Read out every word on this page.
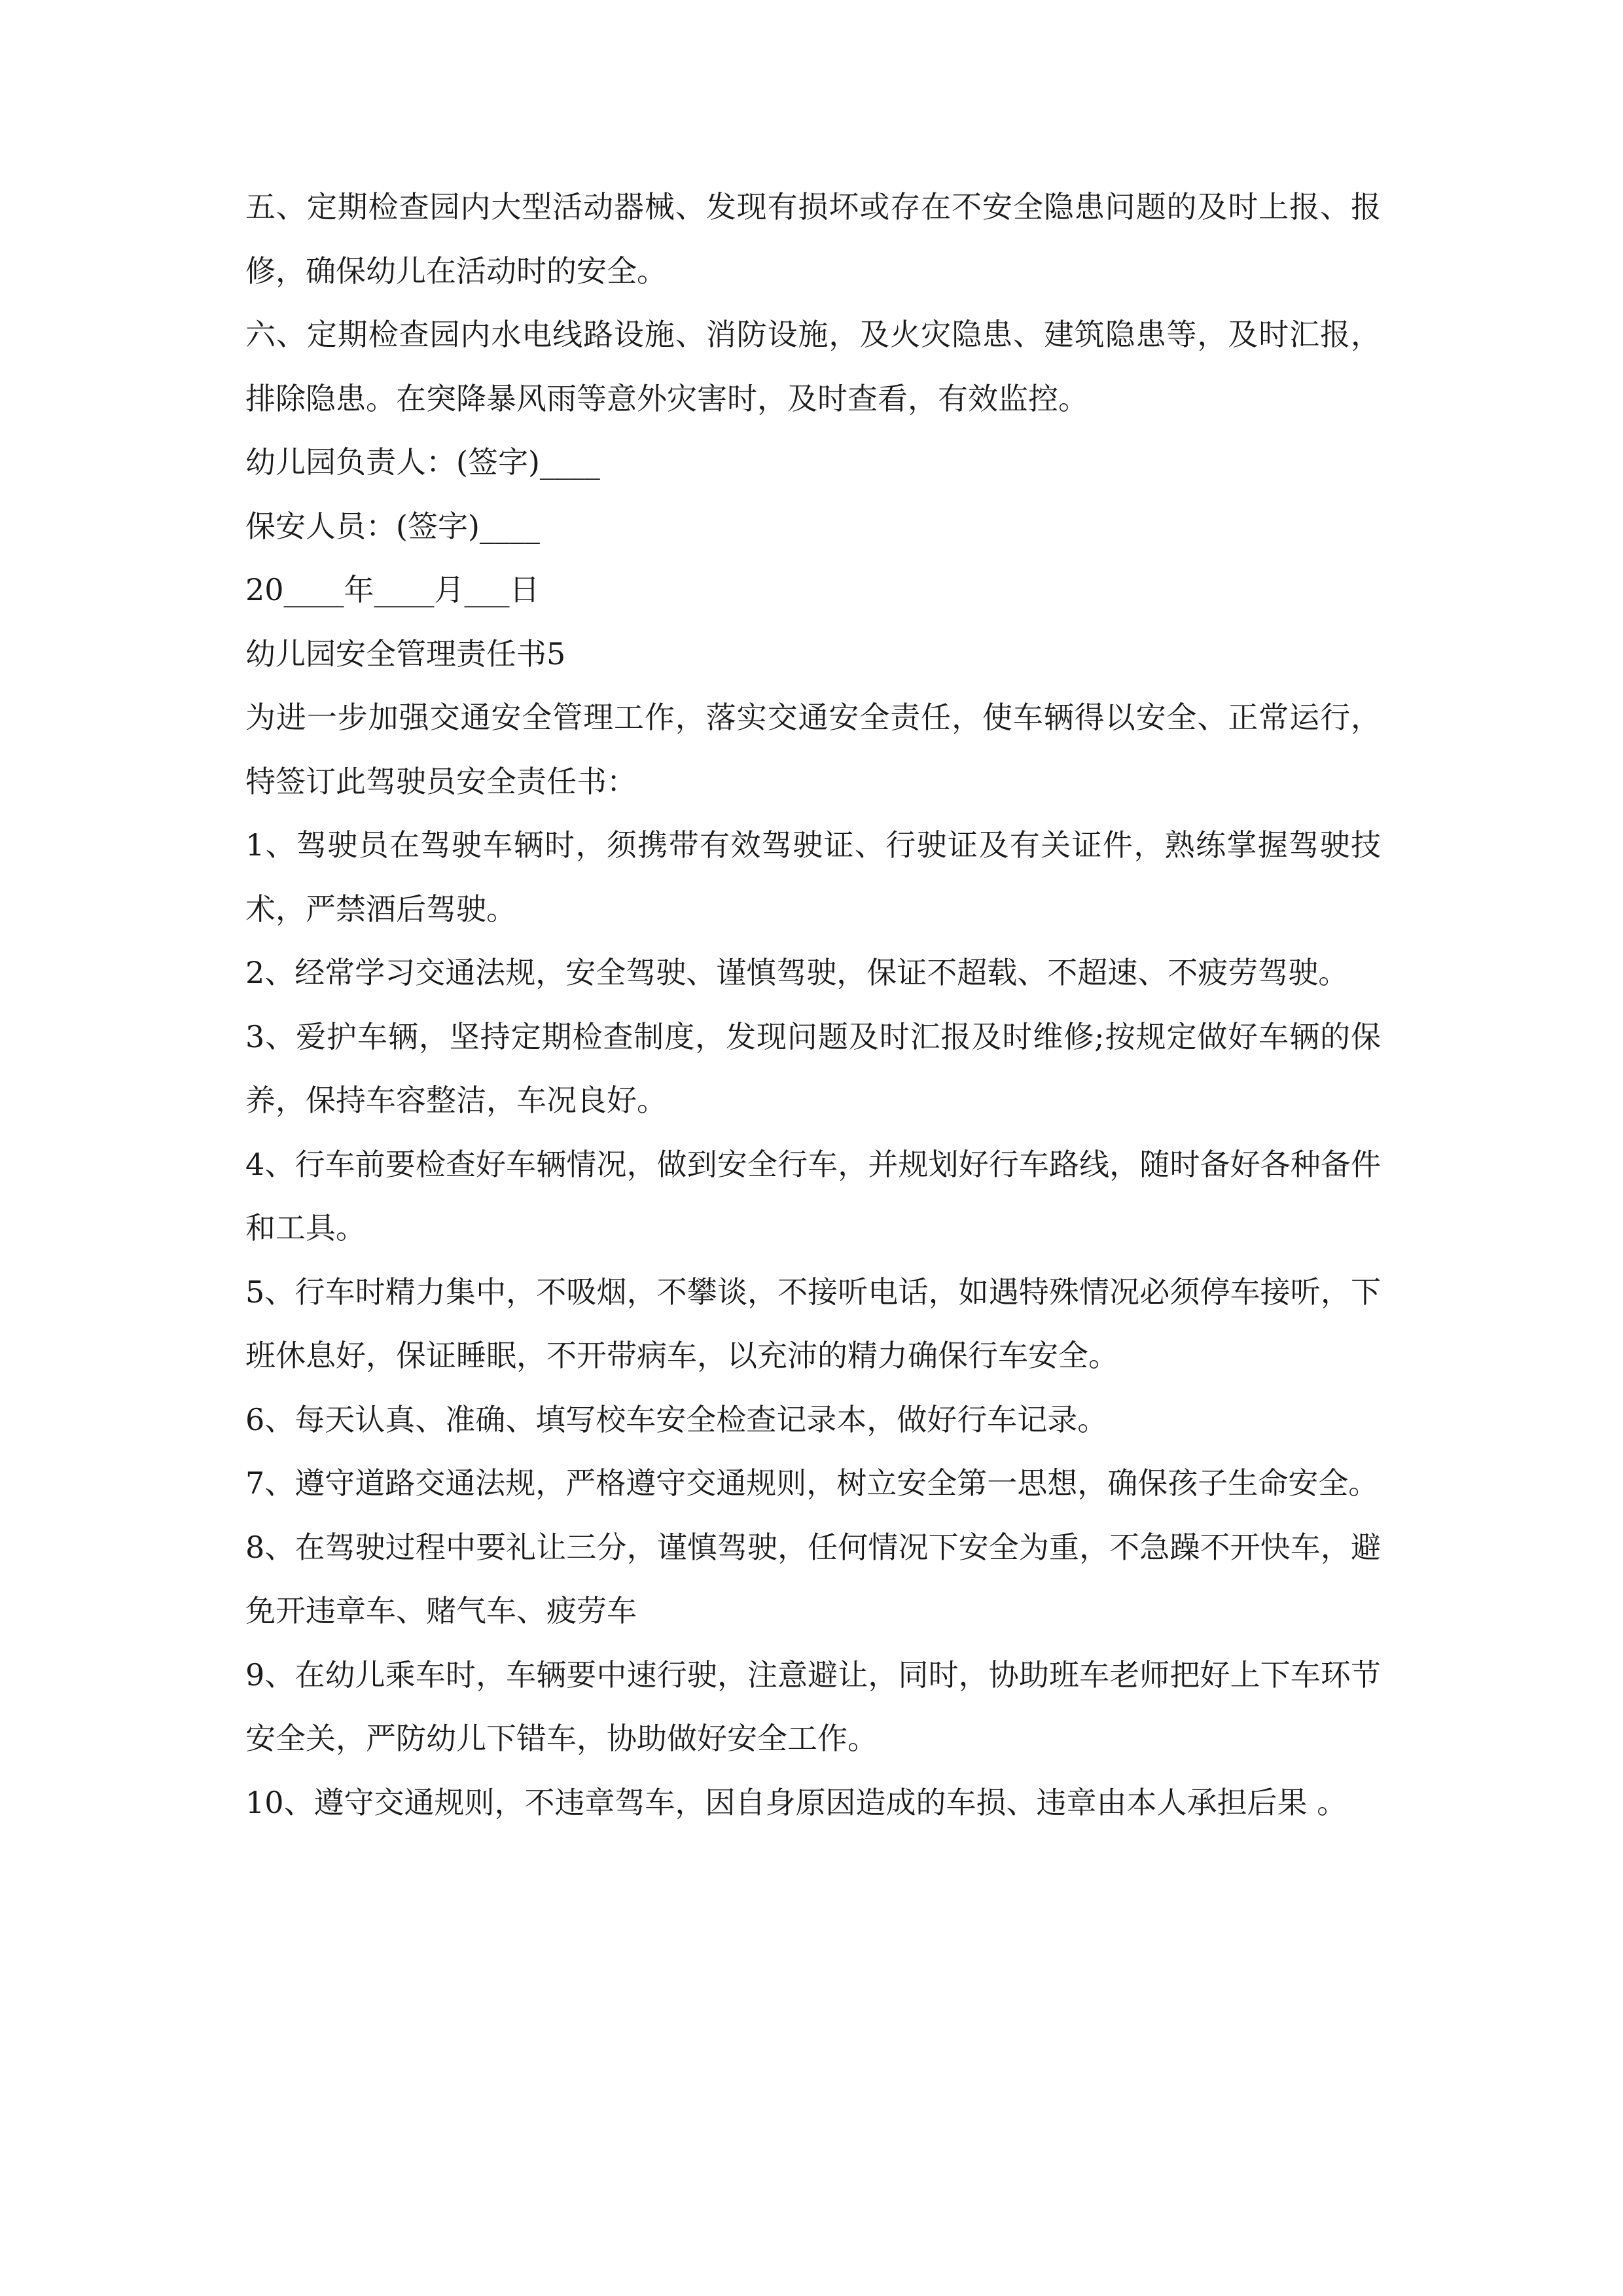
五、定期检查园内大型活动器械、发现有损坏或存在不安全隐患问题的及时上报、报修，确保幼儿在活动时的安全。

六、定期检查园内水电线路设施、消防设施，及火灾隐患、建筑隐患等，及时汇报，排除隐患。在突降暴风雨等意外灾害时，及时查看，有效监控。

幼儿园负责人：(签字)____

保安人员：(签字)____

20____年____月___日

幼儿园安全管理责任书5

为进一步加强交通安全管理工作，落实交通安全责任，使车辆得以安全、正常运行，特签订此驾驶员安全责任书：

1、驾驶员在驾驶车辆时，须携带有效驾驶证、行驶证及有关证件，熟练掌握驾驶技术，严禁酒后驾驶。

2、经常学习交通法规，安全驾驶、谨慎驾驶，保证不超载、不超速、不疲劳驾驶。

3、爱护车辆，坚持定期检查制度，发现问题及时汇报及时维修;按规定做好车辆的保养，保持车容整洁，车况良好。

4、行车前要检查好车辆情况，做到安全行车，并规划好行车路线，随时备好各种备件和工具。

5、行车时精力集中，不吸烟，不攀谈，不接听电话，如遇特殊情况必须停车接听，下班休息好，保证睡眠，不开带病车，以充沛的精力确保行车安全。

6、每天认真、准确、填写校车安全检查记录本，做好行车记录。

7、遵守道路交通法规，严格遵守交通规则，树立安全第一思想，确保孩子生命安全。

8、在驾驶过程中要礼让三分，谨慎驾驶，任何情况下安全为重，不急躁不开快车，避免开违章车、赌气车、疲劳车

9、在幼儿乘车时，车辆要中速行驶，注意避让，同时，协助班车老师把好上下车环节安全关，严防幼儿下错车，协助做好安全工作。

10、遵守交通规则，不违章驾车，因自身原因造成的车损、违章由本人承担后果 。
